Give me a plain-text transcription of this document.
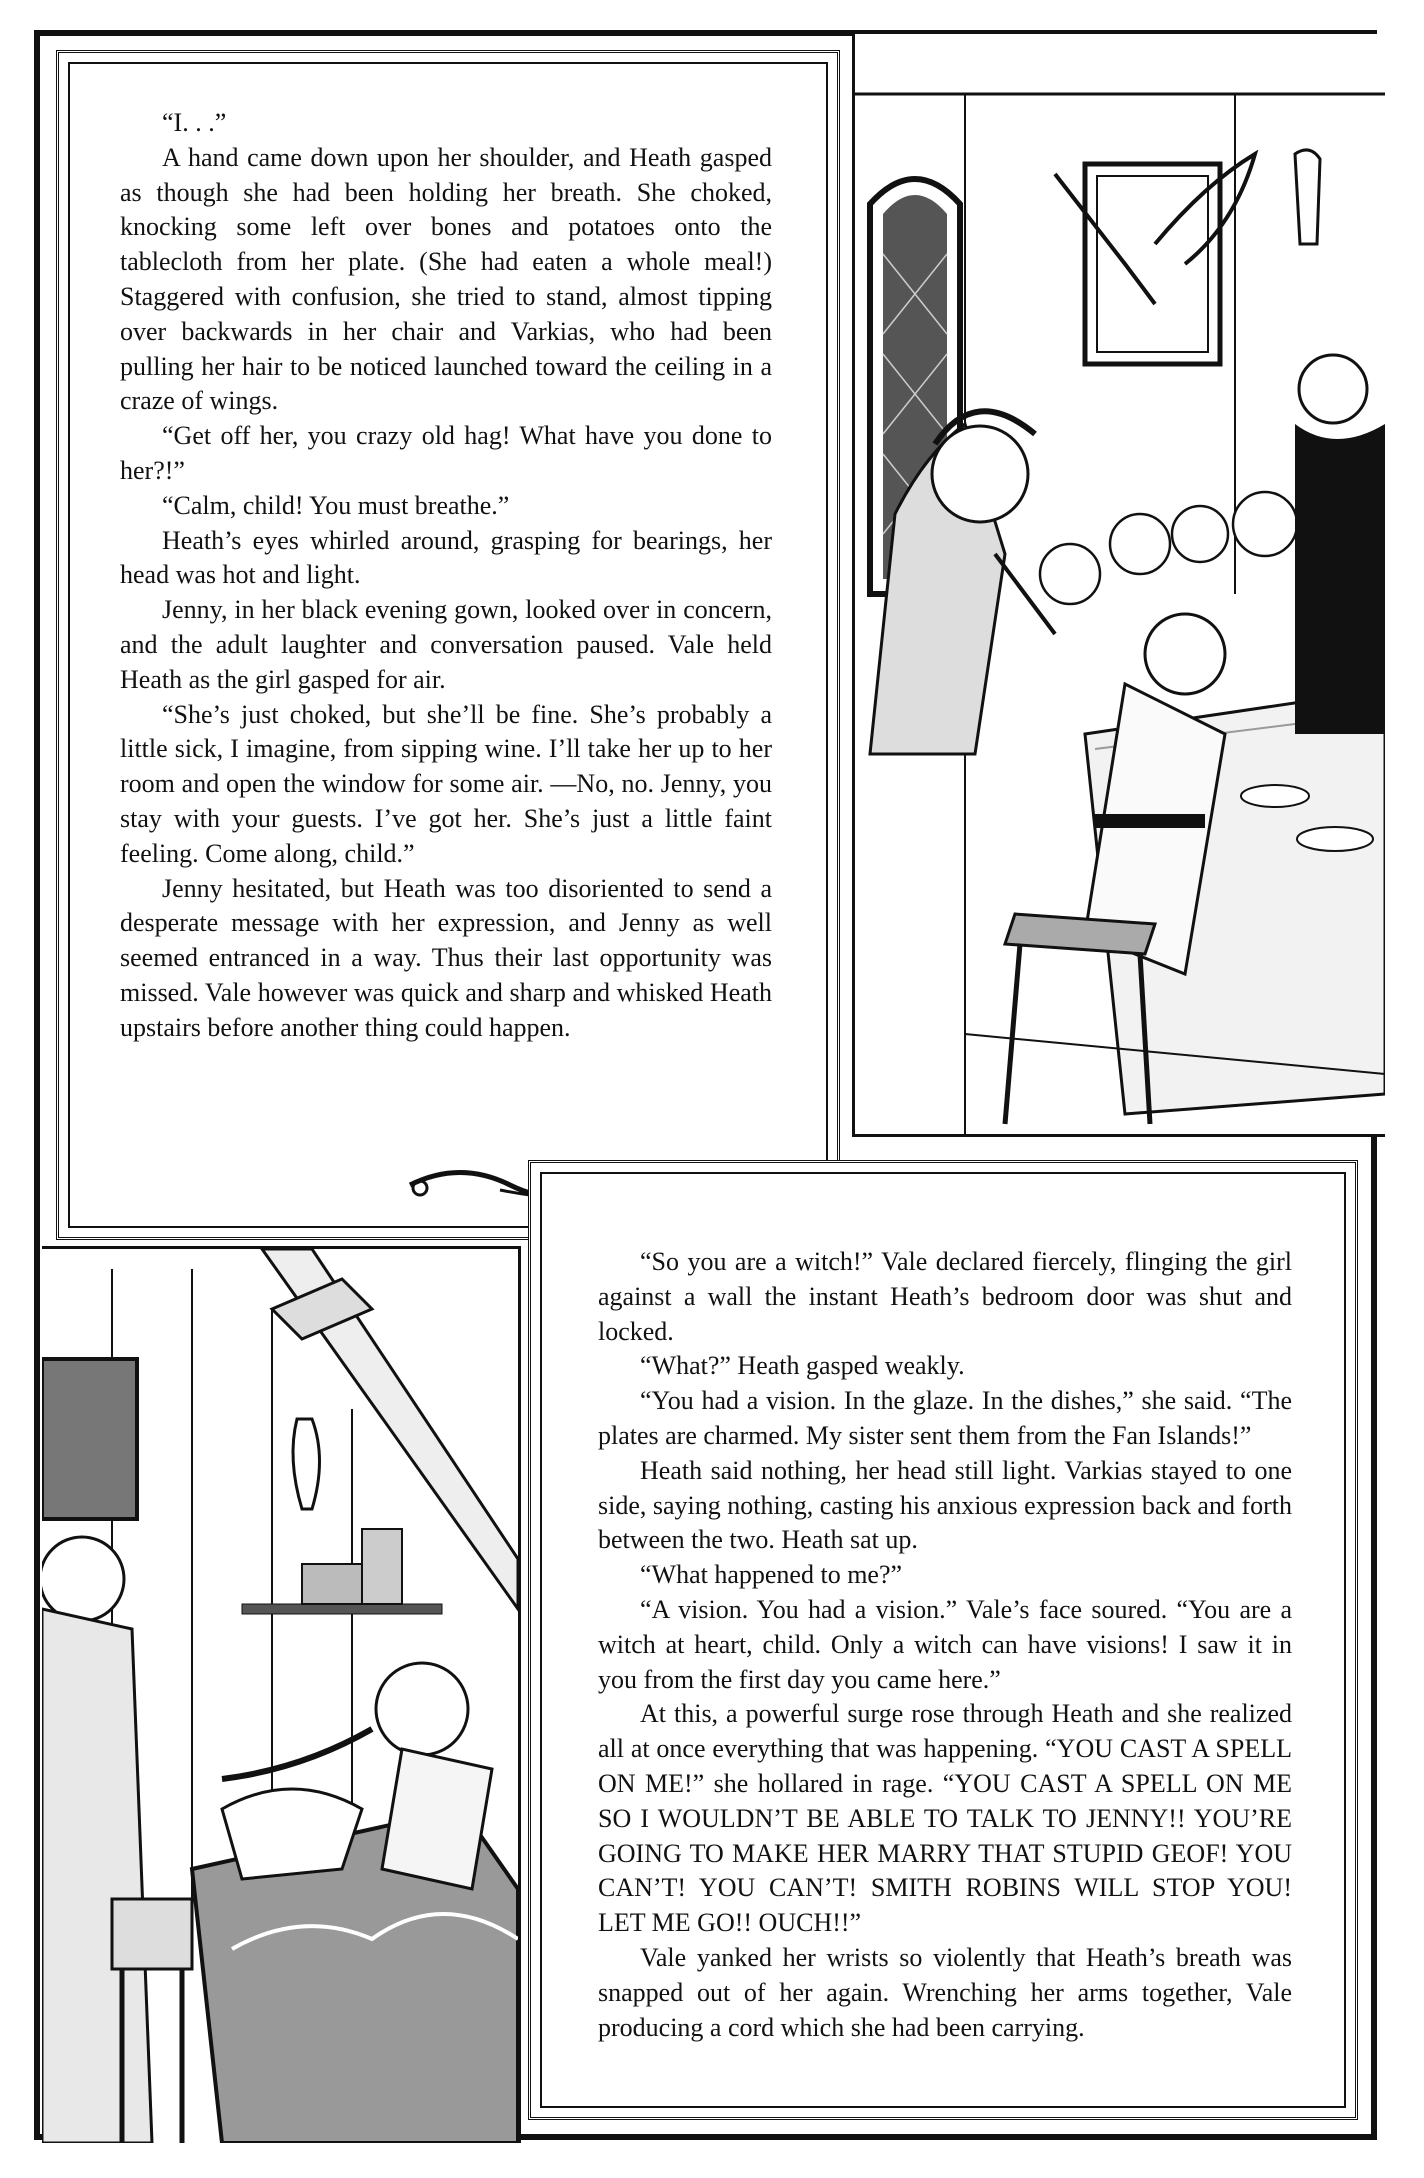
“I. . .”

A hand came down upon her shoulder, and Heath gasped as though she had been holding her breath. She choked, knocking some left over bones and potatoes onto the tablecloth from her plate. (She had eaten a whole meal!) Staggered with confusion, she tried to stand, almost tipping over backwards in her chair and Varkias, who had been pulling her hair to be noticed launched toward the ceiling in a craze of wings.

“Get off her, you crazy old hag! What have you done to her?!”

“Calm, child! You must breathe.”

Heath’s eyes whirled around, grasping for bearings, her head was hot and light.

Jenny, in her black evening gown, looked over in concern, and the adult laughter and conversation paused. Vale held Heath as the girl gasped for air.

“She’s just choked, but she’ll be fine. She’s probably a little sick, I imagine, from sipping wine. I’ll take her up to her room and open the window for some air. —No, no. Jenny, you stay with your guests. I’ve got her. She’s just a little faint feeling. Come along, child.”

Jenny hesitated, but Heath was too disoriented to send a desperate message with her expression, and Jenny as well seemed entranced in a way. Thus their last opportunity was missed. Vale however was quick and sharp and whisked Heath upstairs before another thing could happen.

“So you are a witch!” Vale declared fiercely, flinging the girl against a wall the instant Heath’s bedroom door was shut and locked.

“What?” Heath gasped weakly.

“You had a vision. In the glaze. In the dishes,” she said. “The plates are charmed. My sister sent them from the Fan Islands!”

Heath said nothing, her head still light. Varkias stayed to one side, saying nothing, casting his anxious expression back and forth between the two. Heath sat up.

“What happened to me?”

“A vision. You had a vision.” Vale’s face soured. “You are a witch at heart, child. Only a witch can have visions! I saw it in you from the first day you came here.”

At this, a powerful surge rose through Heath and she realized all at once everything that was happening. “YOU CAST A SPELL ON ME!” she hollared in rage. “YOU CAST A SPELL ON ME SO I WOULDN’T BE ABLE TO TALK TO JENNY!! YOU’RE GOING TO MAKE HER MARRY THAT STUPID GEOF! YOU CAN’T! YOU CAN’T! SMITH ROBINS WILL STOP YOU! LET ME GO!! OUCH!!”

Vale yanked her wrists so violently that Heath’s breath was snapped out of her again. Wrenching her arms together, Vale producing a cord which she had been carrying.
